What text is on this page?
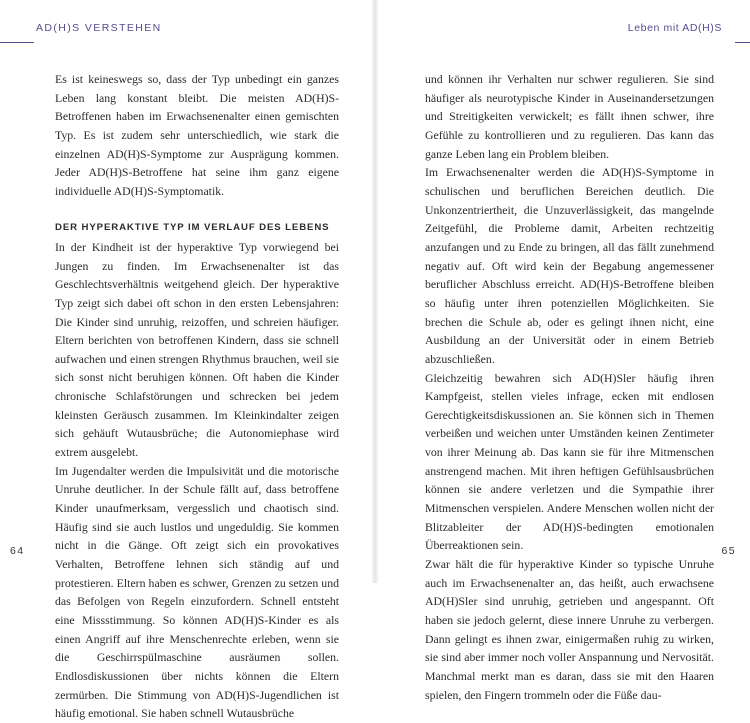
AD(H)S VERSTEHEN

Es ist keineswegs so, dass der Typ unbedingt ein ganzes Leben lang konstant bleibt. Die meisten AD(H)S-Betroffenen haben im Erwachsenenalter einen gemischten Typ. Es ist zudem sehr unterschiedlich, wie stark die einzelnen AD(H)S-Symptome zur Ausprägung kommen. Jeder AD(H)S-Betroffene hat seine ihm ganz eigene individuelle AD(H)S-Symptomatik.

DER HYPERAKTIVE TYP IM VERLAUF DES LEBENS

In der Kindheit ist der hyperaktive Typ vorwiegend bei Jungen zu finden. Im Erwachsenenalter ist das Geschlechtsverhältnis weitgehend gleich. Der hyperaktive Typ zeigt sich dabei oft schon in den ersten Lebensjahren: Die Kinder sind unruhig, reizoffen, und schreien häufiger. Eltern berichten von betroffenen Kindern, dass sie schnell aufwachen und einen strengen Rhythmus brauchen, weil sie sich sonst nicht beruhigen können. Oft haben die Kinder chronische Schlafstörungen und schrecken bei jedem kleinsten Geräusch zusammen. Im Kleinkindalter zeigen sich gehäuft Wutausbrüche; die Autonomiephase wird extrem ausgelebt.

Im Jugendalter werden die Impulsivität und die motorische Unruhe deutlicher. In der Schule fällt auf, dass betroffene Kinder unaufmerksam, vergesslich und chaotisch sind. Häufig sind sie auch lustlos und ungeduldig. Sie kommen nicht in die Gänge. Oft zeigt sich ein provokatives Verhalten, Betroffene lehnen sich ständig auf und protestieren. Eltern haben es schwer, Grenzen zu setzen und das Befolgen von Regeln einzufordern. Schnell entsteht eine Missstimmung. So können AD(H)S-Kinder es als einen Angriff auf ihre Menschenrechte erleben, wenn sie die Geschirrspülmaschine ausräumen sollen. Endlosdiskussionen über nichts können die Eltern zermürben. Die Stimmung von AD(H)S-Jugendlichen ist häufig emotional. Sie haben schnell Wutausbrüche

64
Leben mit AD(H)S

und können ihr Verhalten nur schwer regulieren. Sie sind häufiger als neurotypische Kinder in Auseinandersetzungen und Streitigkeiten verwickelt; es fällt ihnen schwer, ihre Gefühle zu kontrollieren und zu regulieren. Das kann das ganze Leben lang ein Problem bleiben.

Im Erwachsenenalter werden die AD(H)S-Symptome in schulischen und beruflichen Bereichen deutlich. Die Unkonzentriertheit, die Unzuverlässigkeit, das mangelnde Zeitgefühl, die Probleme damit, Arbeiten rechtzeitig anzufangen und zu Ende zu bringen, all das fällt zunehmend negativ auf. Oft wird kein der Begabung angemessener beruflicher Abschluss erreicht. AD(H)S-Betroffene bleiben so häufig unter ihren potenziellen Möglichkeiten. Sie brechen die Schule ab, oder es gelingt ihnen nicht, eine Ausbildung an der Universität oder in einem Betrieb abzuschließen.

Gleichzeitig bewahren sich AD(H)Sler häufig ihren Kampfgeist, stellen vieles infrage, ecken mit endlosen Gerechtigkeitsdiskussionen an. Sie können sich in Themen verbeißen und weichen unter Umständen keinen Zentimeter von ihrer Meinung ab. Das kann sie für ihre Mitmenschen anstrengend machen. Mit ihren heftigen Gefühlsausbrüchen können sie andere verletzen und die Sympathie ihrer Mitmenschen verspielen. Andere Menschen wollen nicht der Blitzableiter der AD(H)S-bedingten emotionalen Überreaktionen sein.

Zwar hält die für hyperaktive Kinder so typische Unruhe auch im Erwachsenenalter an, das heißt, auch erwachsene AD(H)Sler sind unruhig, getrieben und angespannt. Oft haben sie jedoch gelernt, diese innere Unruhe zu verbergen. Dann gelingt es ihnen zwar, einigermaßen ruhig zu wirken, sie sind aber immer noch voller Anspannung und Nervosität. Manchmal merkt man es daran, dass sie mit den Haaren spielen, den Fingern trommeln oder die Füße dau-

65
